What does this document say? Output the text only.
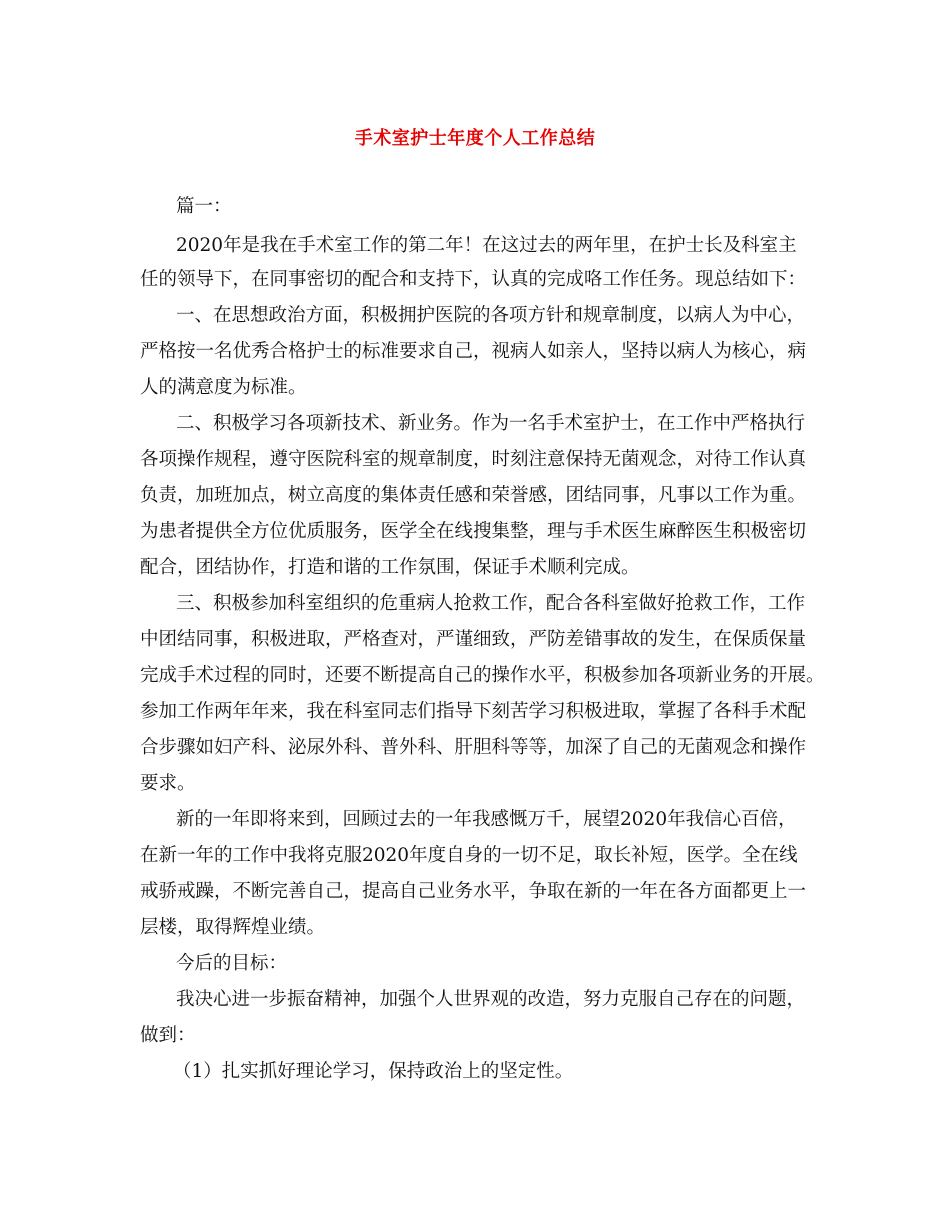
手术室护士年度个人工作总结
篇一：
2020年是我在手术室工作的第二年！在这过去的两年里，在护士长及科室主
任的领导下，在同事密切的配合和支持下，认真的完成咯工作任务。现总结如下：
一、在思想政治方面，积极拥护医院的各项方针和规章制度，以病人为中心，
严格按一名优秀合格护士的标准要求自己，视病人如亲人，坚持以病人为核心，病
人的满意度为标准。
二、积极学习各项新技术、新业务。作为一名手术室护士，在工作中严格执行
各项操作规程，遵守医院科室的规章制度，时刻注意保持无菌观念，对待工作认真
负责，加班加点，树立高度的集体责任感和荣誉感，团结同事，凡事以工作为重。
为患者提供全方位优质服务，医学全在线搜集整，理与手术医生麻醉医生积极密切
配合，团结协作，打造和谐的工作氛围，保证手术顺利完成。
三、积极参加科室组织的危重病人抢救工作，配合各科室做好抢救工作，工作
中团结同事，积极进取，严格查对，严谨细致，严防差错事故的发生，在保质保量
完成手术过程的同时，还要不断提高自己的操作水平，积极参加各项新业务的开展。
参加工作两年年来，我在科室同志们指导下刻苦学习积极进取，掌握了各科手术配
合步骤如妇产科、泌尿外科、普外科、肝胆科等等，加深了自己的无菌观念和操作
要求。
新的一年即将来到，回顾过去的一年我感慨万千，展望2020年我信心百倍，
在新一年的工作中我将克服2020年度自身的一切不足，取长补短，医学。全在线
戒骄戒躁，不断完善自己，提高自己业务水平，争取在新的一年在各方面都更上一
层楼，取得辉煌业绩。
今后的目标：
我决心进一步振奋精神，加强个人世界观的改造，努力克服自己存在的问题，
做到：
（1）扎实抓好理论学习，保持政治上的坚定性。
